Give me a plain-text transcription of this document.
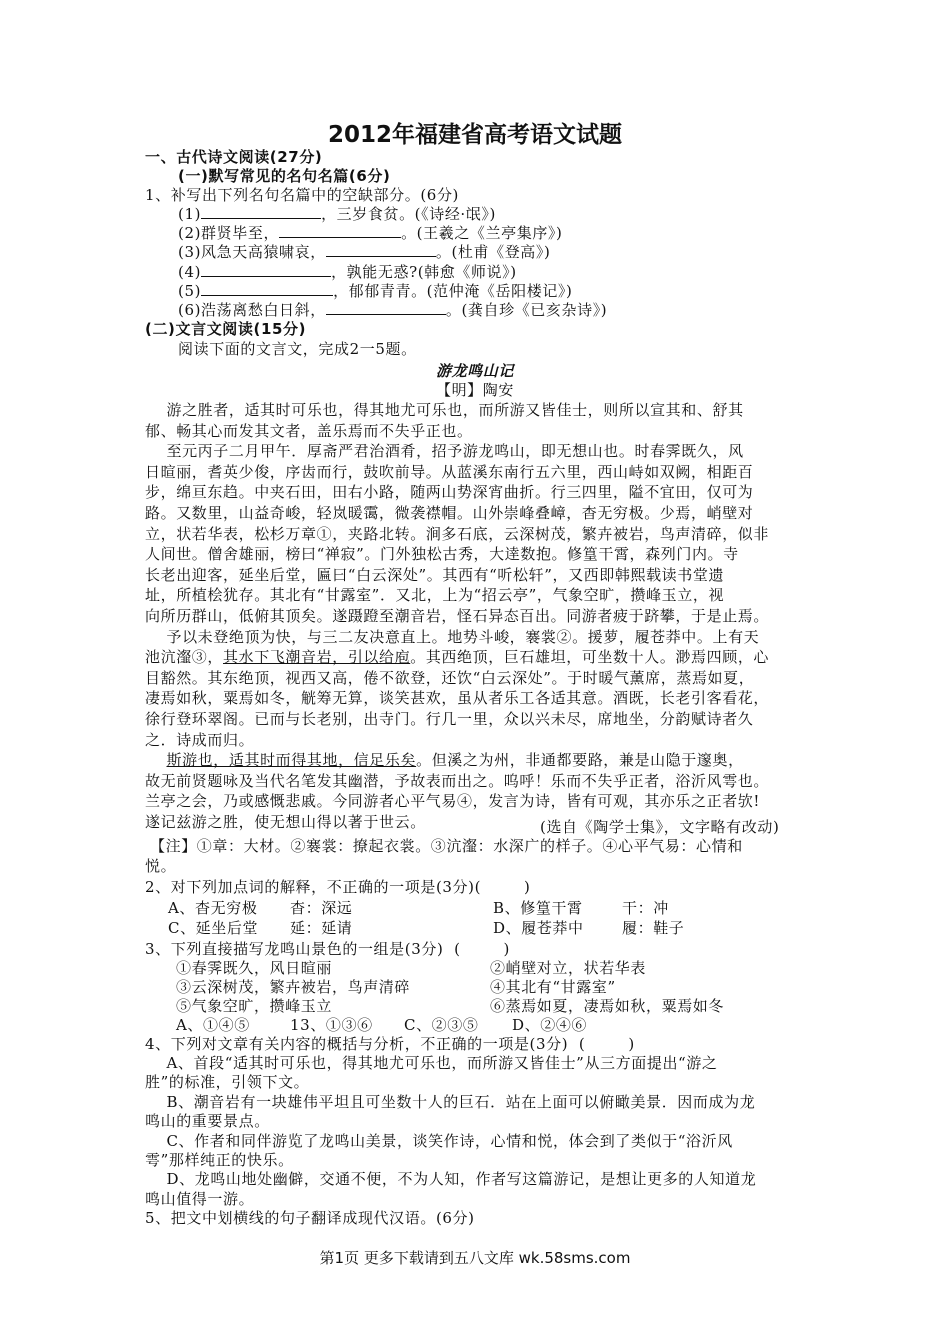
2012年福建省高考语文试题
一、古代诗文阅读(27分)
(一)默写常见的名句名篇(6分)
1、补写出下列名句名篇中的空缺部分。(6分)
(1)	，三岁食贫。(《诗经·氓》)
(2)群贤毕至，	。(王羲之《兰亭集序》)
(3)风急天高猿啸哀，	。(杜甫《登高》)
(4)	，孰能无惑?(韩愈《师说》)
(5)	，郁郁青青。(范仲淹《岳阳楼记》)
(6)浩荡离愁白日斜，	。(龚自珍《已亥杂诗》)
(二)文言文阅读(15分)
阅读下面的文言文，完成2一5题。
游龙鸣山记
【明】陶安
游之胜者，适其时可乐也，得其地尤可乐也，而所游又皆佳士，则所以宣其和、舒其
郁、畅其心而发其文者，盖乐焉而不失乎正也。
至元丙子二月甲午．厚斋严君治酒肴，招予游龙鸣山，即无想山也。时春霁既久，风
日暄丽，耆英少俊，序齿而行，鼓吹前导。从蓝溪东南行五六里，西山峙如双阙，相距百
步，绵亘东趋。中夹石田，田右小路，随两山势深宵曲折。行三四里，隘不宜田，仅可为
路。又数里，山益奇峻，轻岚暖霭，微袭襟帽。山外崇峰叠嶂，杳无穷极。少焉，峭壁对
立，状若华表，松杉万章①，夹路北转。涧多石底，云深树茂，繁卉被岩，鸟声清碎，似非
人间世。僧舍雄丽，榜曰“禅寂”。门外独松古秀，大逹数抱。修篁干霄，森列门内。寺
长老出迎客，延坐后堂，匾曰“白云深处”。其西有“听松轩”，又西即韩熙载读书堂遗
址，所植桧犹存。其北有“甘露室”．又北，上为“招云亭”，气象空旷，攒峰玉立，视
向所历群山，低俯其顶矣。遂蹑蹬至潮音岩，怪石异态百出。同游者疲于跻攀，于是止焉。
予以未登绝顶为快，与三二友决意直上。地势斗峻，褰裳②。援萝，履苍莽中。上有天
池沆瀣③，其水下飞潮音岩，引以给庖。其西绝顶，巨石雄坦，可坐数十人。渺焉四顾，心
目豁然。其东绝顶，视西又高，倦不欲登，还饮“白云深处”。于时暖气薰席，蒸焉如夏，
凄焉如秋，粟焉如冬，觥筹无算，谈笑甚欢，虽从者乐工各适其意。酒既，长老引客看花，
徐行登环翠阁。已而与长老别，出寺门。行几一里，众以兴未尽，席地坐，分韵赋诗者久
之．诗成而归。
斯游也，适其时而得其地，信足乐矣。但溪之为州，非通都要路，兼是山隐于邃奥，
故无前贤题咏及当代名笔发其幽潜，予故表而出之。呜呼！乐而不失乎正者，浴沂风雩也。
兰亭之会，乃或感慨悲戚。今同游者心平气易④，发言为诗，皆有可观，其亦乐之正者欤!
遂记兹游之胜，使无想山得以著于世云。	(选自《陶学士集》，文字略有改动)
【注】①章：大材。②褰裳：撩起衣裳。③沆瀣：水深广的样子。④心平气易：心情和
悦。
2、对下列加点词的解释，不正确的一项是(3分)(        )
A、杳无穷极 杳：深远	B、修篁干霄	干：冲
C、延坐后堂 延：延请	D、履苍莽中	履：鞋子
3、下列直接描写龙鸣山景色的一组是(3分)  (        )
①春霁既久，风日暄丽	②峭壁对立，状若华表
③云深树茂，繁卉被岩，鸟声清碎	④其北有“甘露室”
⑤气象空旷，攒峰玉立	⑥蒸焉如夏，凄焉如秋，粟焉如冬
A、①④⑤	13、①③⑥ C、②③⑤ D、②④⑥
4、下列对文章有关内容的概括与分析，不正确的一项是(3分)  (        )
A、首段“适其时可乐也，得其地尤可乐也，而所游又皆佳士”从三方面提出“游之
胜”的标准，引领下文。
B、潮音岩有一块雄伟平坦且可坐数十人的巨石．站在上面可以俯瞰美景．因而成为龙
鸣山的重要景点。
C、作者和同伴游览了龙鸣山美景，谈笑作诗，心情和悦，体会到了类似于“浴沂风
雩”那样纯正的快乐。
D、龙鸣山地处幽僻，交通不便，不为人知，作者写这篇游记，是想让更多的人知道龙
鸣山值得一游。
5、把文中划横线的句子翻译成现代汉语。(6分)
第1页 更多下载请到五八文库 wk.58sms.com
